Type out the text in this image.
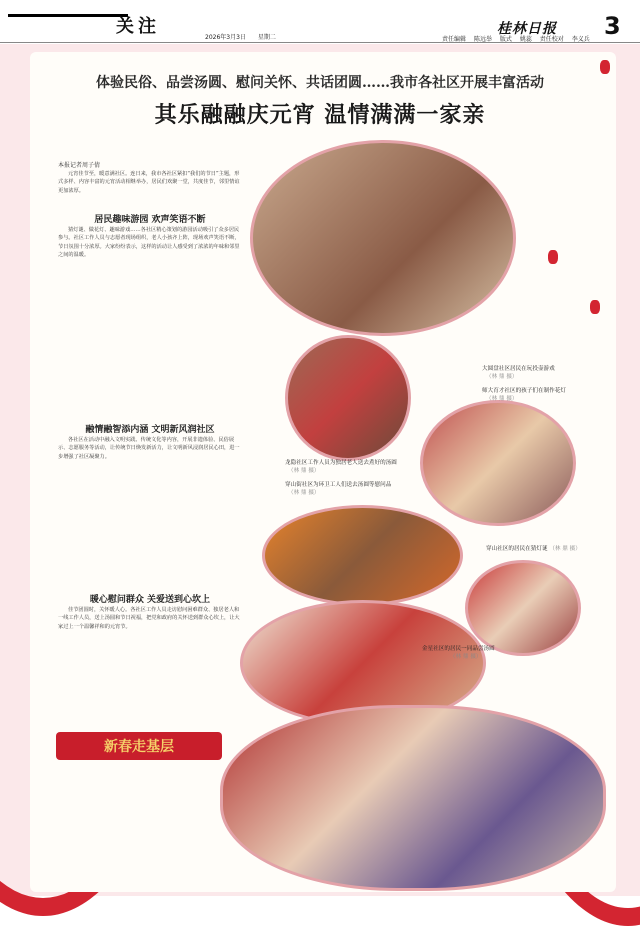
关注
2026年3月3日 星期二
桂林日报 3
责任编辑 陈远举 版式 姚蕊 责任校对 李义兵
体验民俗、品尝汤圆、慰问关怀、共话团圆……我市各社区开展丰富活动
其乐融融庆元宵 温情满满一家亲
本报记者周子倩

元宵佳节至，暖意满社区。连日来，我市各社区紧扣“我们的节日”主题，形式多样、内容丰富的元宵活动相继举办，居民们欢聚一堂，共度佳节，邻里情谊更加浓厚。

居民趣味游园 欢声笑语不断

猜灯谜、做花灯、趣味游戏……各社区精心策划的游园活动吸引了众多居民参与。社区工作人员与志愿者现场组织，老人小孩齐上阵，现场欢声笑语不断，节日氛围十分浓厚。大家纷纷表示，这样的活动让人感受到了浓浓的年味和邻里之间的温暖。

融情融智添内涵 文明新风润社区

各社区在活动中融入文明实践、传统文化等内容，开展非遗体验、民俗展示、志愿服务等活动，让传统节日焕发新活力，让文明新风浸润居民心田，进一步增强了社区凝聚力。

暖心慰问群众 关爱送到心坎上

佳节团圆时，关怀暖人心。各社区工作人员走访慰问困难群众、独居老人和一线工作人员，送上汤圆和节日祝福，把党和政府的关怀送到群众心坎上，让大家过上一个温馨祥和的元宵节。

新春走基层
大圆盘社区居民在玩投壶游戏
（林 鼎 摄）
师大育才社区的孩子们在制作花灯
（林 鼎 摄）
龙隐社区工作人员为独居老人送去煮好的汤圆
（林 鼎 摄）
穿山街社区为环卫工人们送去汤圆等慰问品
（林 鼎 摄）
穿山社区的居民在猜灯谜 （林 鼎 摄）
金星社区的居民一同品尝汤圆
（林 鼎 摄）
